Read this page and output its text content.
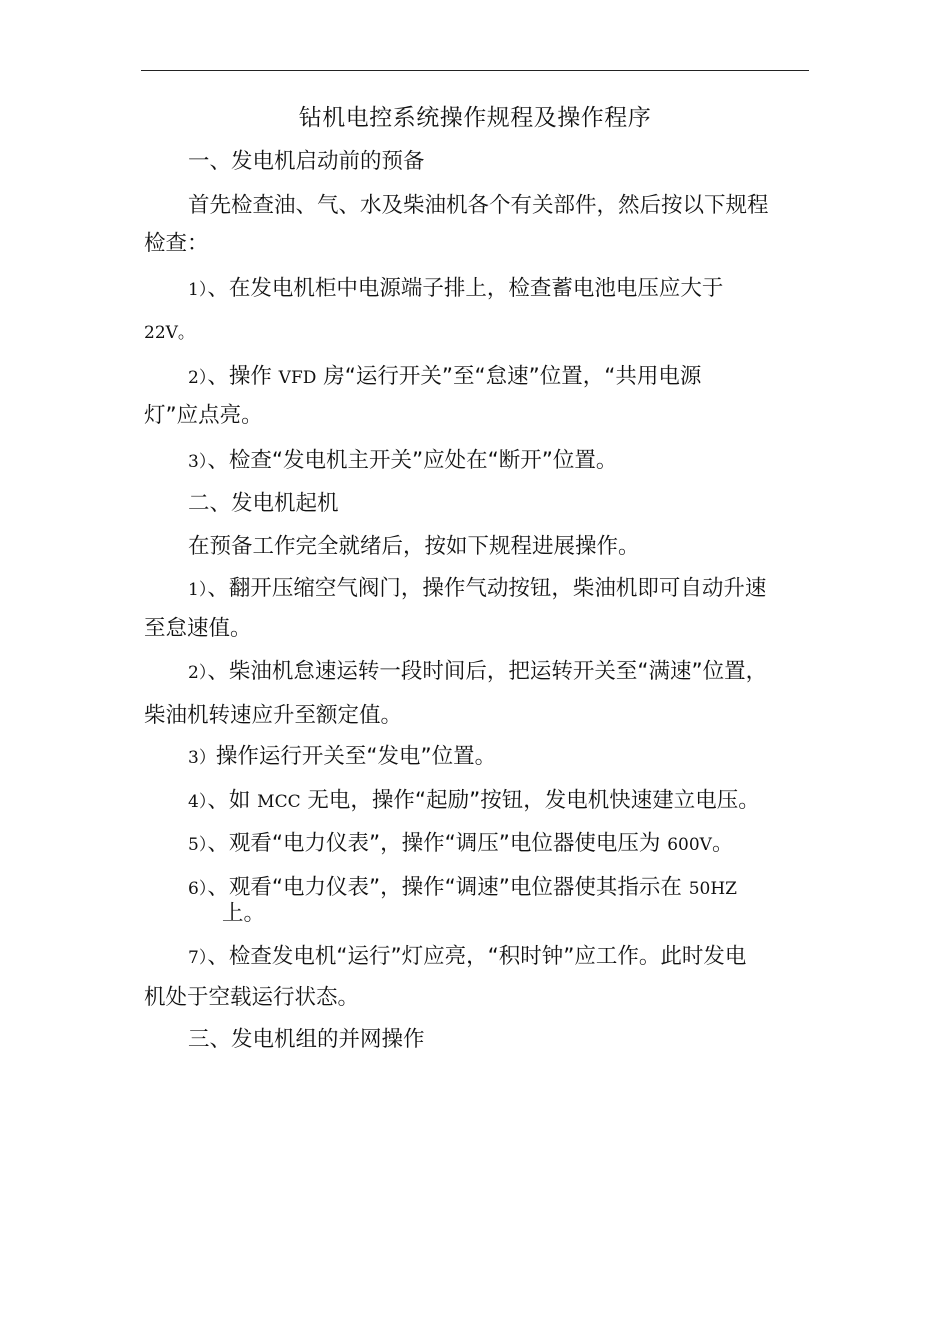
钻机电控系统操作规程及操作程序
一、发电机启动前的预备
首先检查油、气、水及柴油机各个有关部件，然后按以下规程
检查：
1）、在发电机柜中电源端子排上，检查蓄电池电压应大于
22V。
2）、操作 VFD 房“运行开关”至“怠速”位置，“共用电源
灯”应点亮。
3）、检查“发电机主开关”应处在“断开”位置。
二、发电机起机
在预备工作完全就绪后，按如下规程进展操作。
1）、翻开压缩空气阀门，操作气动按钮，柴油机即可自动升速
至怠速值。
2）、柴油机怠速运转一段时间后，把运转开关至“满速”位置，
柴油机转速应升至额定值。
3）操作运行开关至“发电”位置。
4）、如 MCC 无电，操作“起励”按钮，发电机快速建立电压。
5）、观看“电力仪表”，操作“调压”电位器使电压为 600V。
6）、观看“电力仪表”，操作“调速”电位器使其指示在 50HZ
上。
7）、检查发电机“运行”灯应亮，“积时钟”应工作。此时发电
机处于空载运行状态。
三、发电机组的并网操作
